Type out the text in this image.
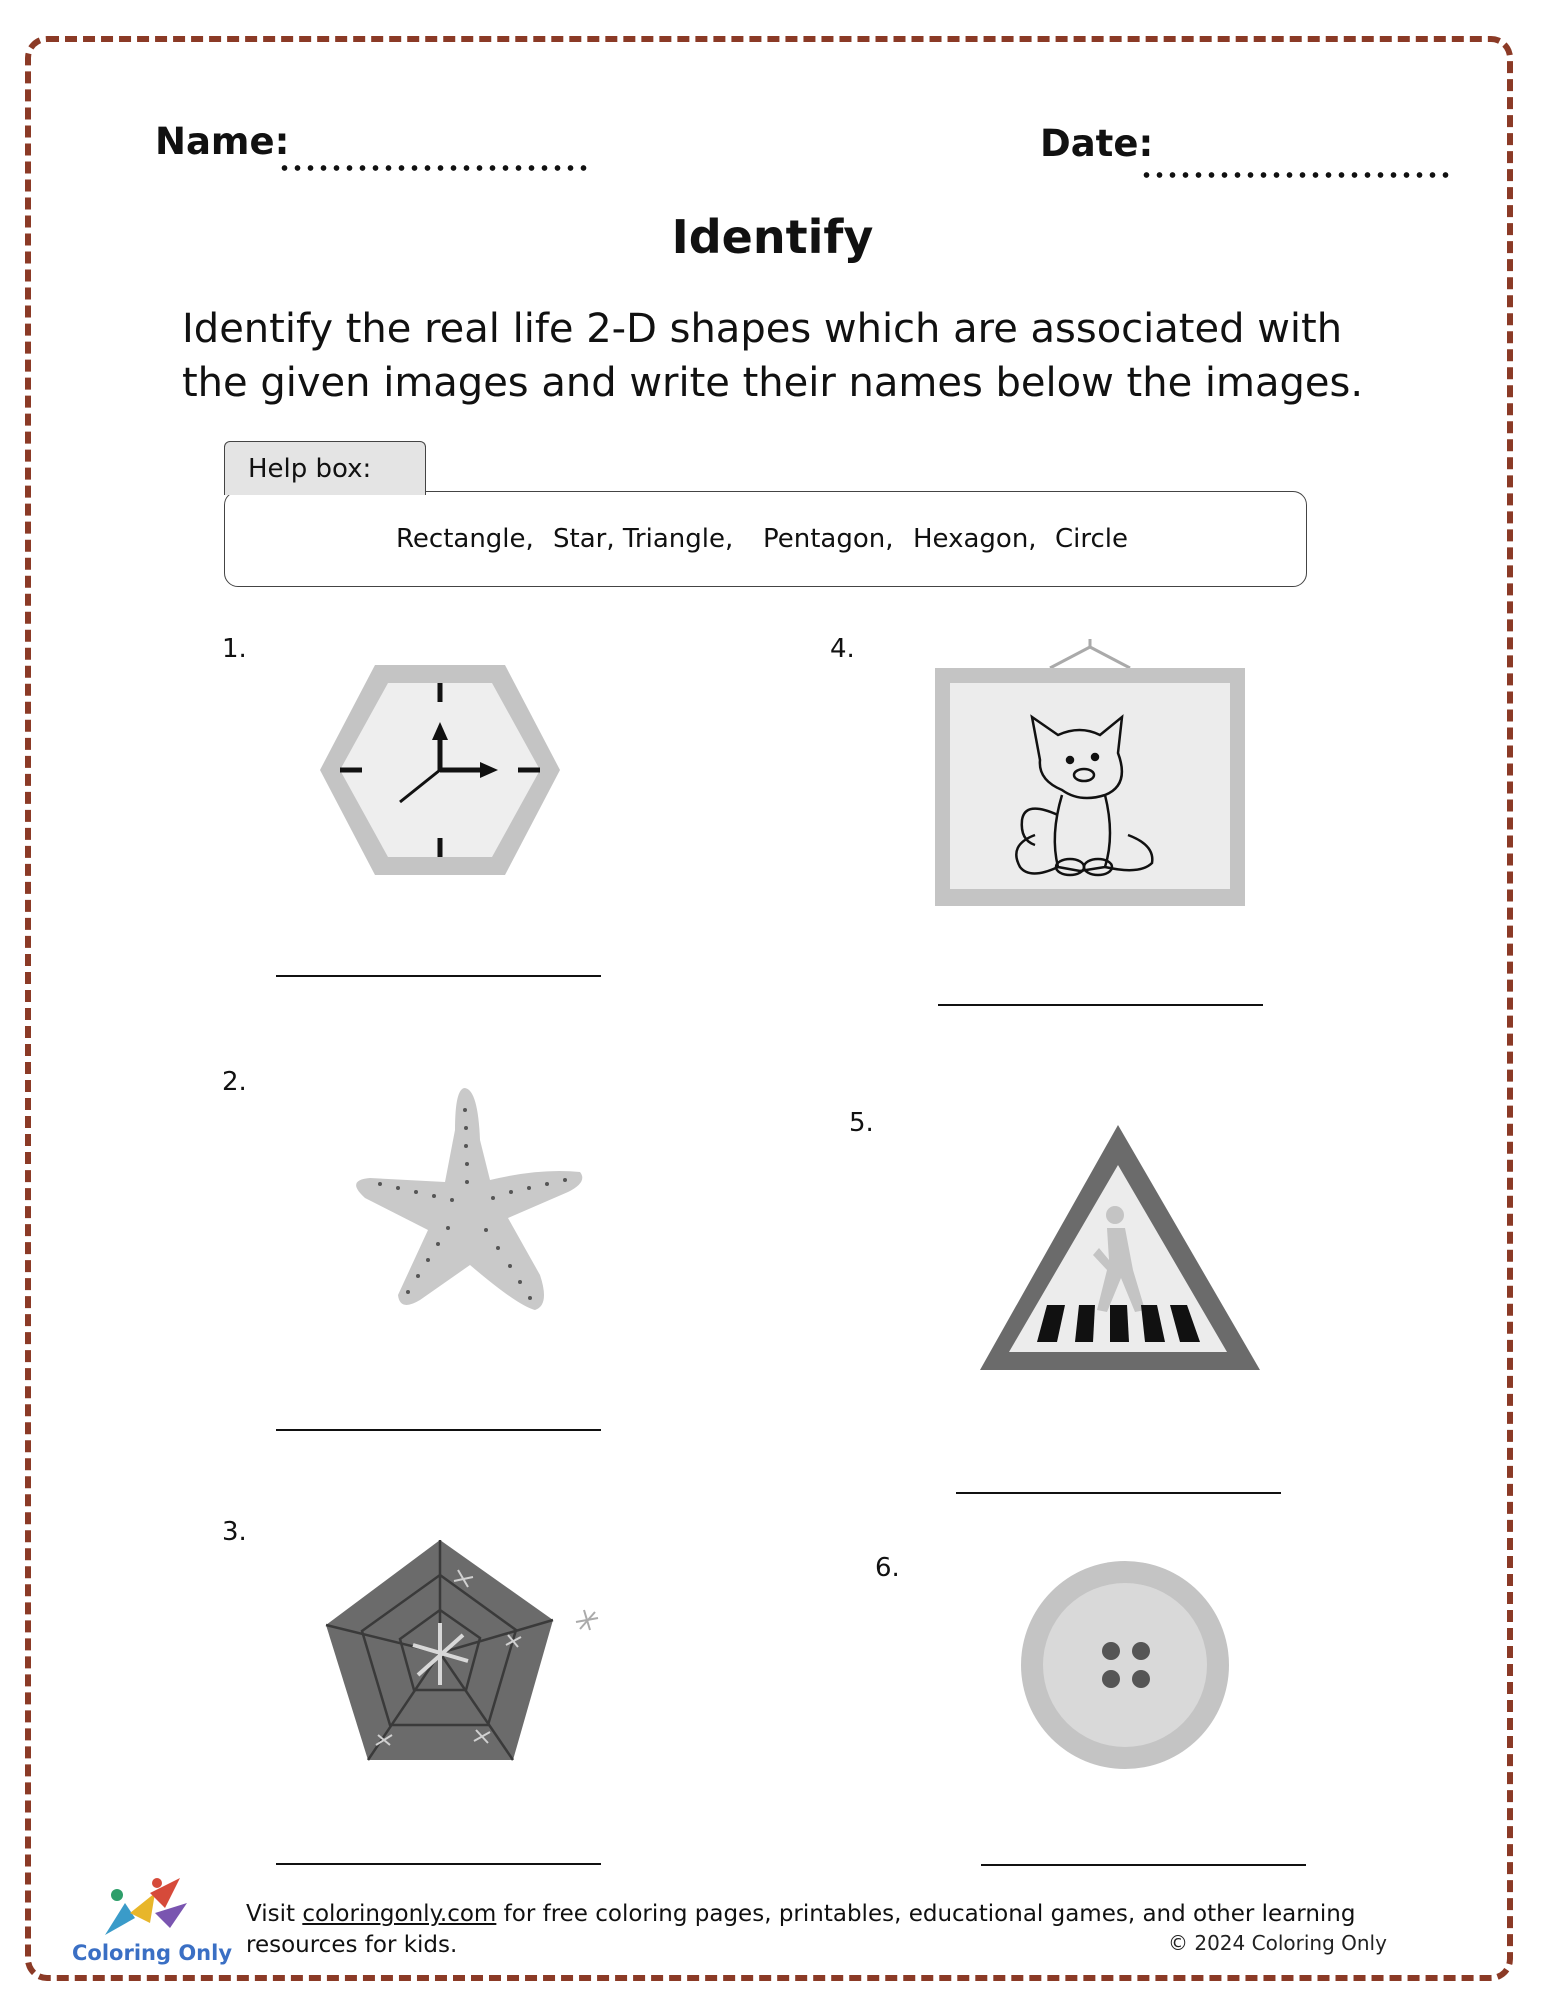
Name:	Date:
Identify
Identify the real life 2-D shapes which are associated with the given images and write their names below the images.
Help box:
Rectangle, Star, Triangle, Pentagon, Hexagon, Circle
1.
2.
3.
4.
5.
6.
Coloring Only
Visit coloringonly.com for free coloring pages, printables, educational games, and other learning resources for kids.	© 2024 Coloring Only
